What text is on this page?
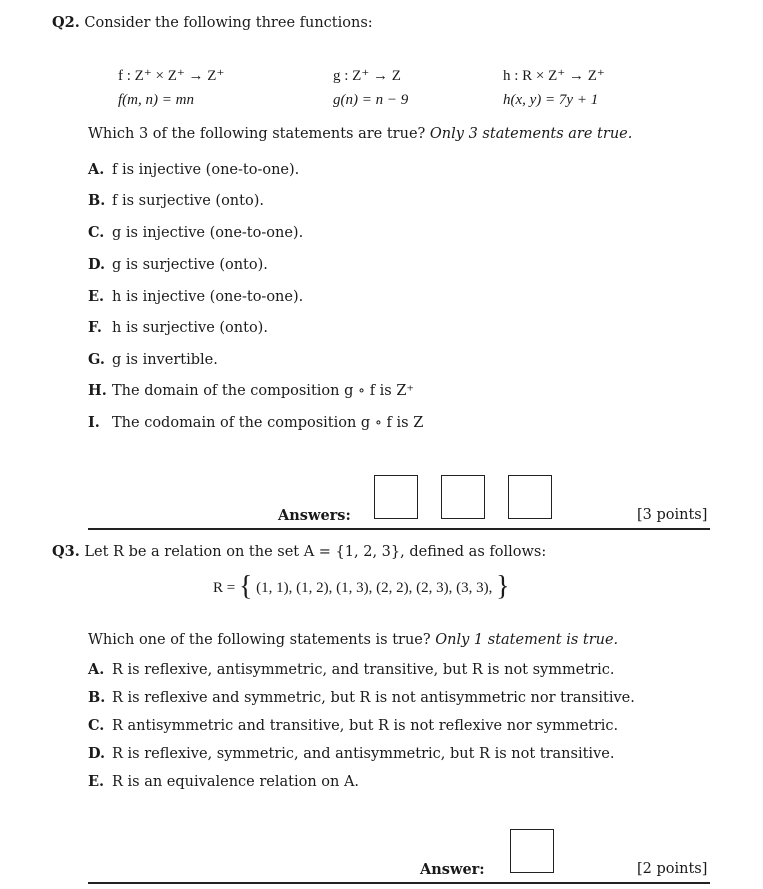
Q2. Consider the following three functions:
f : Z⁺ × Z⁺ → Z⁺
f(m, n) = mn
g : Z⁺ → Z
g(n) = n − 9
h : R × Z⁺ → Z⁺
h(x, y) = 7y + 1
Which 3 of the following statements are true? Only 3 statements are true.
A. f is injective (one-to-one).
B. f is surjective (onto).
C. g is injective (one-to-one).
D. g is surjective (onto).
E. h is injective (one-to-one).
F. h is surjective (onto).
G. g is invertible.
H. The domain of the composition g ∘ f is Z⁺
I. The codomain of the composition g ∘ f is Z
Answers:	[3 points]
Q3. Let R be a relation on the set A = {1, 2, 3}, defined as follows:
R = { (1, 1), (1, 2), (1, 3), (2, 2), (2, 3), (3, 3), }
Which one of the following statements is true? Only 1 statement is true.
A. R is reflexive, antisymmetric, and transitive, but R is not symmetric.
B. R is reflexive and symmetric, but R is not antisymmetric nor transitive.
C. R antisymmetric and transitive, but R is not reflexive nor symmetric.
D. R is reflexive, symmetric, and antisymmetric, but R is not transitive.
E. R is an equivalence relation on A.
Answer:	[2 points]
